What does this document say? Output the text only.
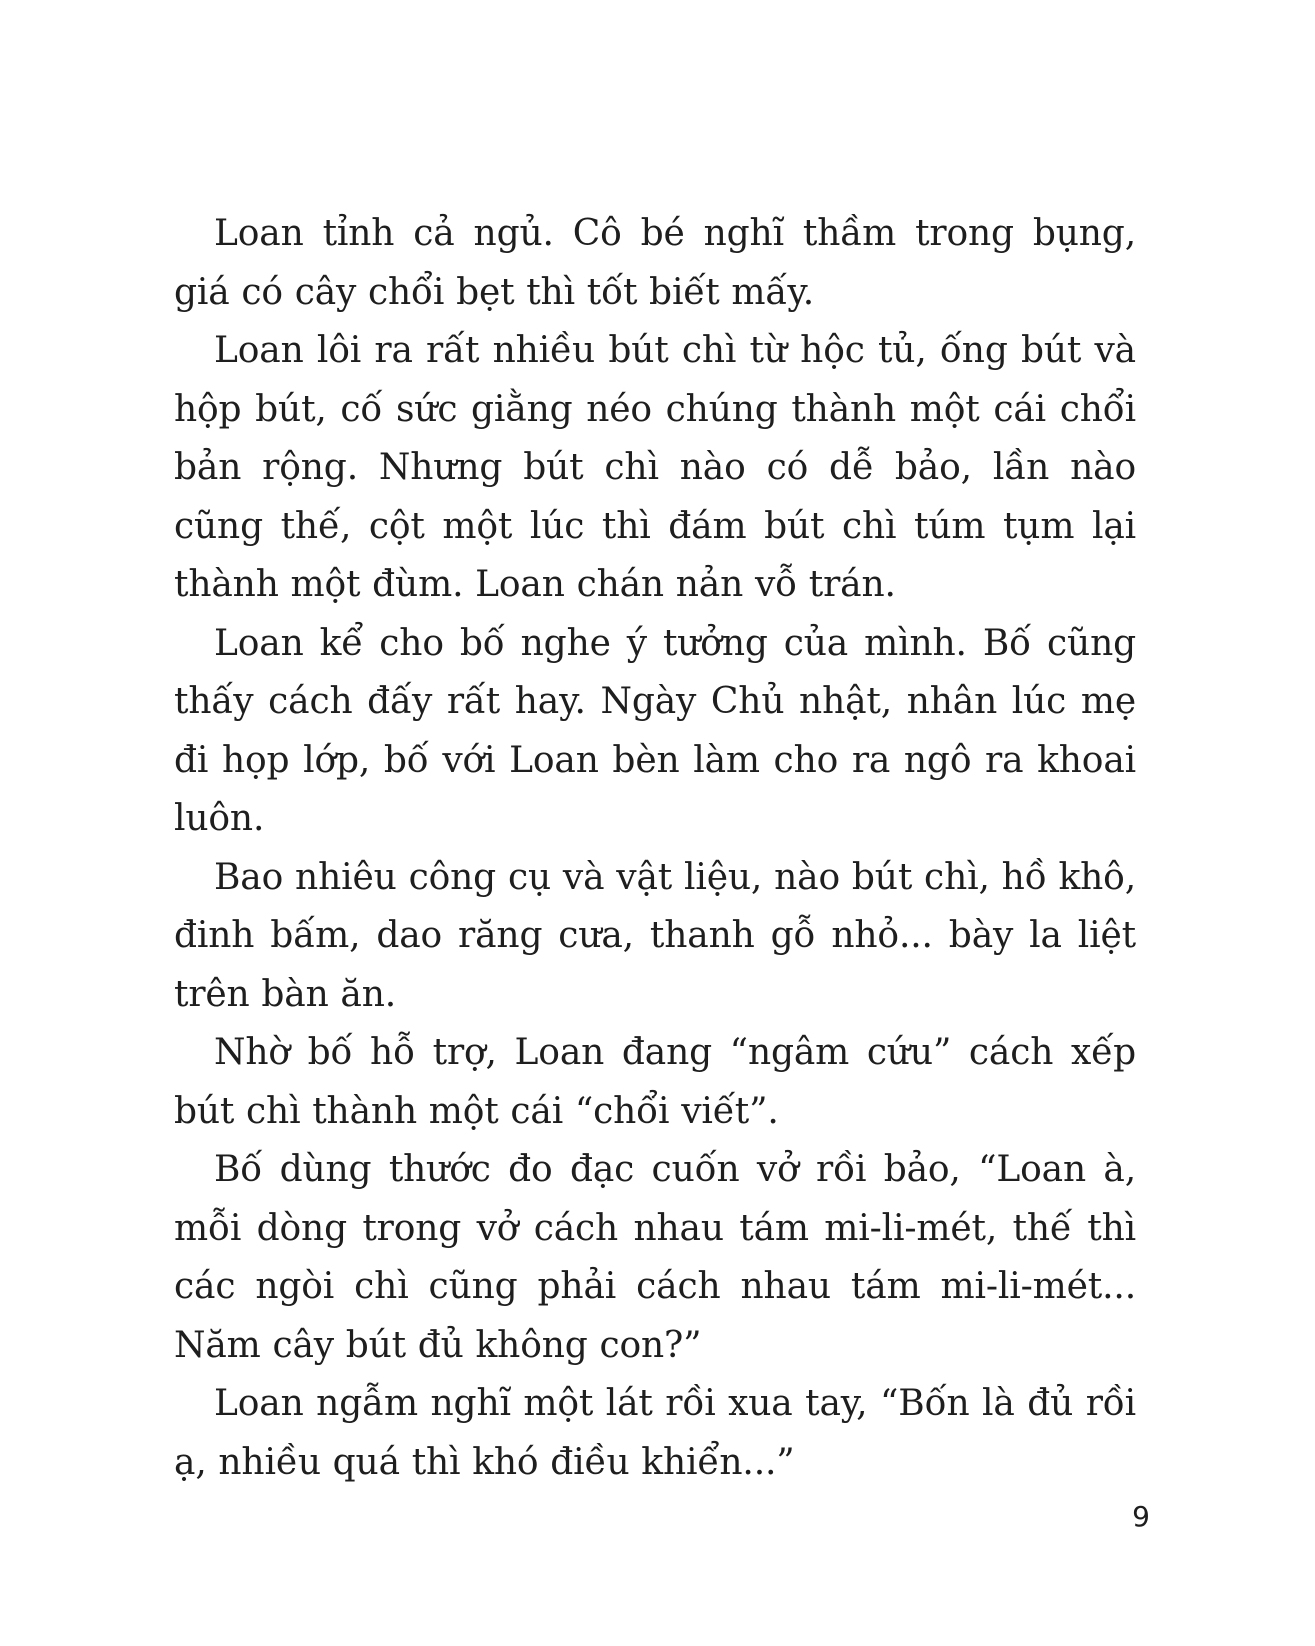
Loan tỉnh cả ngủ. Cô bé nghĩ thầm trong bụng, giá có cây chổi bẹt thì tốt biết mấy.

Loan lôi ra rất nhiều bút chì từ hộc tủ, ống bút và hộp bút, cố sức giằng néo chúng thành một cái chổi bản rộng. Nhưng bút chì nào có dễ bảo, lần nào cũng thế, cột một lúc thì đám bút chì túm tụm lại thành một đùm. Loan chán nản vỗ trán.

Loan kể cho bố nghe ý tưởng của mình. Bố cũng thấy cách đấy rất hay. Ngày Chủ nhật, nhân lúc mẹ đi họp lớp, bố với Loan bèn làm cho ra ngô ra khoai luôn.

Bao nhiêu công cụ và vật liệu, nào bút chì, hồ khô, đinh bấm, dao răng cưa, thanh gỗ nhỏ... bày la liệt trên bàn ăn.

Nhờ bố hỗ trợ, Loan đang “ngâm cứu” cách xếp bút chì thành một cái “chổi viết”.

Bố dùng thước đo đạc cuốn vở rồi bảo, “Loan à, mỗi dòng trong vở cách nhau tám mi-li-mét, thế thì các ngòi chì cũng phải cách nhau tám mi-li-mét... Năm cây bút đủ không con?”

Loan ngẫm nghĩ một lát rồi xua tay, “Bốn là đủ rồi ạ, nhiều quá thì khó điều khiển...”

9
